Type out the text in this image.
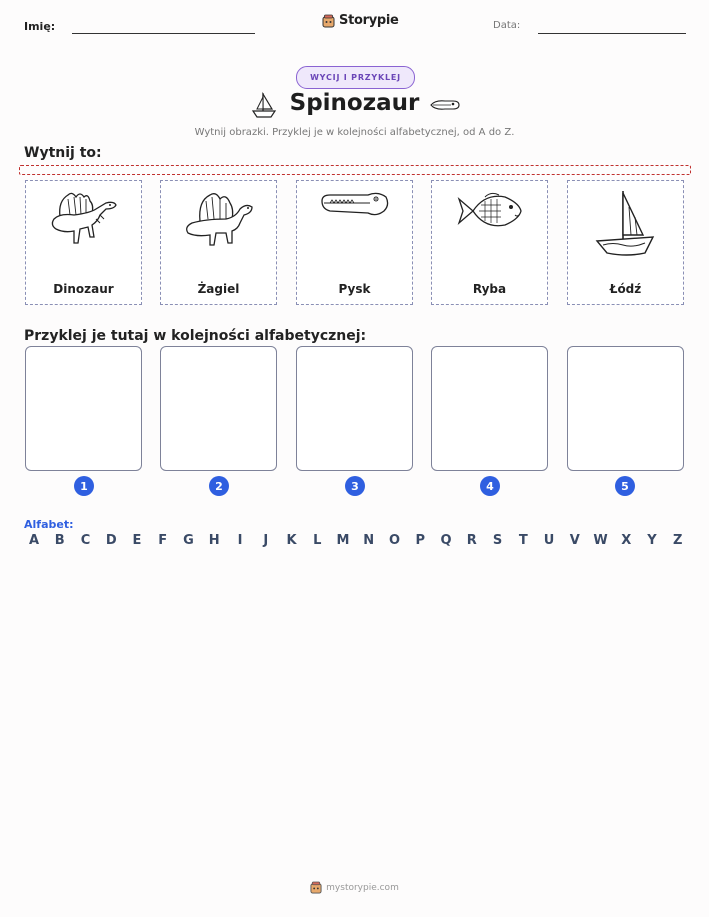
Imię:	Storypie	Data:
WYCIJ I PRZYKLEJ
Spinozaur
Wytnij obrazki. Przyklej je w kolejności alfabetycznej, od A do Z.
Wytnij to:
Dinozaur	Żagiel	Pysk	Ryba	Łódź
Przyklej je tutaj w kolejności alfabetycznej:
1	2	3	4	5
Alfabet:
A	B	C	D	E	F	G	H	I	J	K	L	M	N	O	P	Q	R	S	T	U	V	W	X	Y	Z
mystorypie.com
